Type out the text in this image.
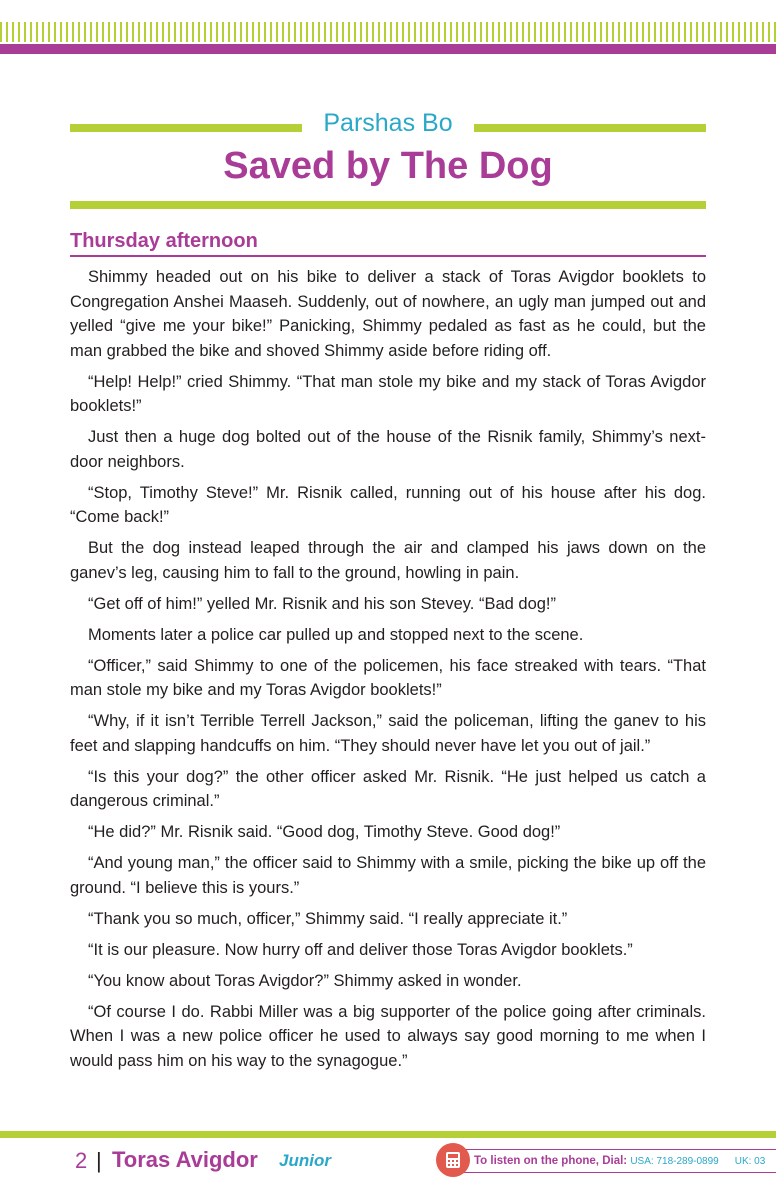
Parshas Bo
Saved by The Dog
Thursday afternoon

Shimmy headed out on his bike to deliver a stack of Toras Avigdor booklets to Congregation Anshei Maaseh. Suddenly, out of nowhere, an ugly man jumped out and yelled “give me your bike!” Panicking, Shimmy pedaled as fast as he could, but the man grabbed the bike and shoved Shimmy aside before riding off.

“Help! Help!” cried Shimmy. “That man stole my bike and my stack of Toras Avigdor booklets!”

Just then a huge dog bolted out of the house of the Risnik family, Shimmy’s next-door neighbors.

“Stop, Timothy Steve!” Mr. Risnik called, running out of his house after his dog. “Come back!”

But the dog instead leaped through the air and clamped his jaws down on the ganev’s leg, causing him to fall to the ground, howling in pain.

“Get off of him!” yelled Mr. Risnik and his son Stevey. “Bad dog!”

Moments later a police car pulled up and stopped next to the scene.

“Officer,” said Shimmy to one of the policemen, his face streaked with tears. “That man stole my bike and my Toras Avigdor booklets!”

“Why, if it isn’t Terrible Terrell Jackson,” said the policeman, lifting the ganev to his feet and slapping handcuffs on him. “They should never have let you out of jail.”

“Is this your dog?” the other officer asked Mr. Risnik. “He just helped us catch a dangerous criminal.”

“He did?” Mr. Risnik said. “Good dog, Timothy Steve. Good dog!”

“And young man,” the officer said to Shimmy with a smile, picking the bike up off the ground. “I believe this is yours.”

“Thank you so much, officer,” Shimmy said. “I really appreciate it.”

“It is our pleasure. Now hurry off and deliver those Toras Avigdor booklets.”

“You know about Toras Avigdor?” Shimmy asked in wonder.

“Of course I do. Rabbi Miller was a big supporter of the police going after criminals. When I was a new police officer he used to always say good morning to me when I would pass him on his way to the synagogue.”

2 | Toras Avigdor Junior	To listen on the phone, Dial: USA: 718-289-0899 UK: 03
